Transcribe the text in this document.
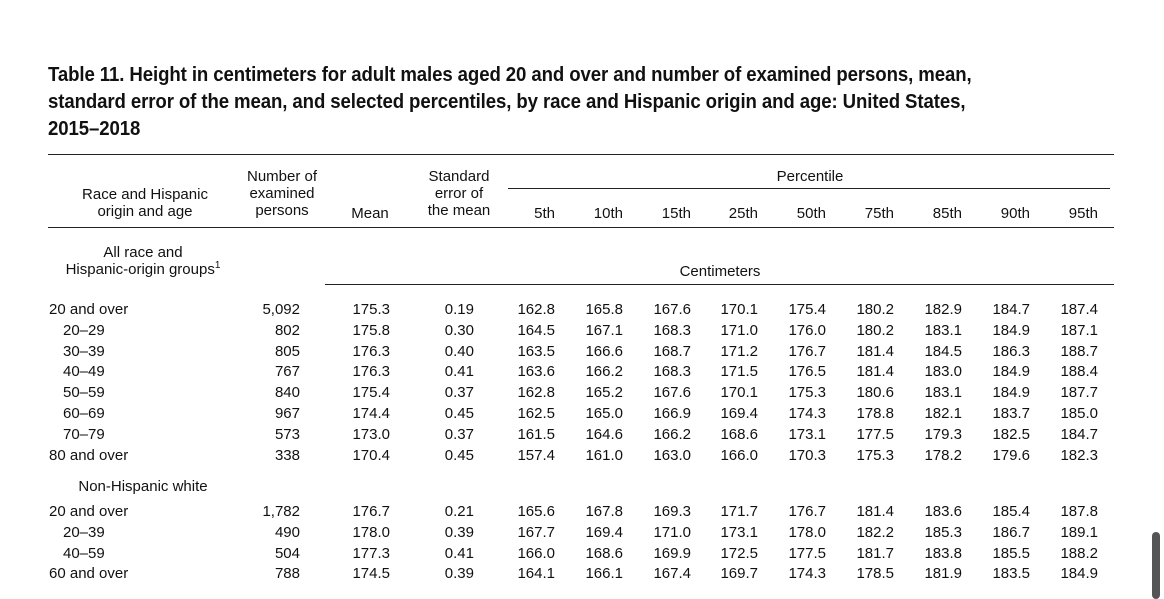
Table 11. Height in centimeters for adult males aged 20 and over and number of examined persons, mean,
standard error of the mean, and selected percentiles, by race and Hispanic origin and age: United States,
2015–2018
Race and Hispanic
origin and age
Number of
examined
persons	Mean
Standard
error of
the mean
Percentile
5th	10th	15th	25th	50th	75th	85th	90th	95th
Centimeters
All race and
Hispanic-origin groups$^1$
Non-Hispanic white
20 and over	5,092	175.3	0.19	162.8	165.8	167.6	170.1	175.4	180.2	182.9	184.7	187.4
20–29	802	175.8	0.30	164.5	167.1	168.3	171.0	176.0	180.2	183.1	184.9	187.1
30–39	805	176.3	0.40	163.5	166.6	168.7	171.2	176.7	181.4	184.5	186.3	188.7
40–49	767	176.3	0.41	163.6	166.2	168.3	171.5	176.5	181.4	183.0	184.9	188.4
50–59	840	175.4	0.37	162.8	165.2	167.6	170.1	175.3	180.6	183.1	184.9	187.7
60–69	967	174.4	0.45	162.5	165.0	166.9	169.4	174.3	178.8	182.1	183.7	185.0
70–79	573	173.0	0.37	161.5	164.6	166.2	168.6	173.1	177.5	179.3	182.5	184.7
80 and over	338	170.4	0.45	157.4	161.0	163.0	166.0	170.3	175.3	178.2	179.6	182.3
20 and over	1,782	176.7	0.21	165.6	167.8	169.3	171.7	176.7	181.4	183.6	185.4	187.8
20–39	490	178.0	0.39	167.7	169.4	171.0	173.1	178.0	182.2	185.3	186.7	189.1
40–59	504	177.3	0.41	166.0	168.6	169.9	172.5	177.5	181.7	183.8	185.5	188.2
60 and over	788	174.5	0.39	164.1	166.1	167.4	169.7	174.3	178.5	181.9	183.5	184.9
